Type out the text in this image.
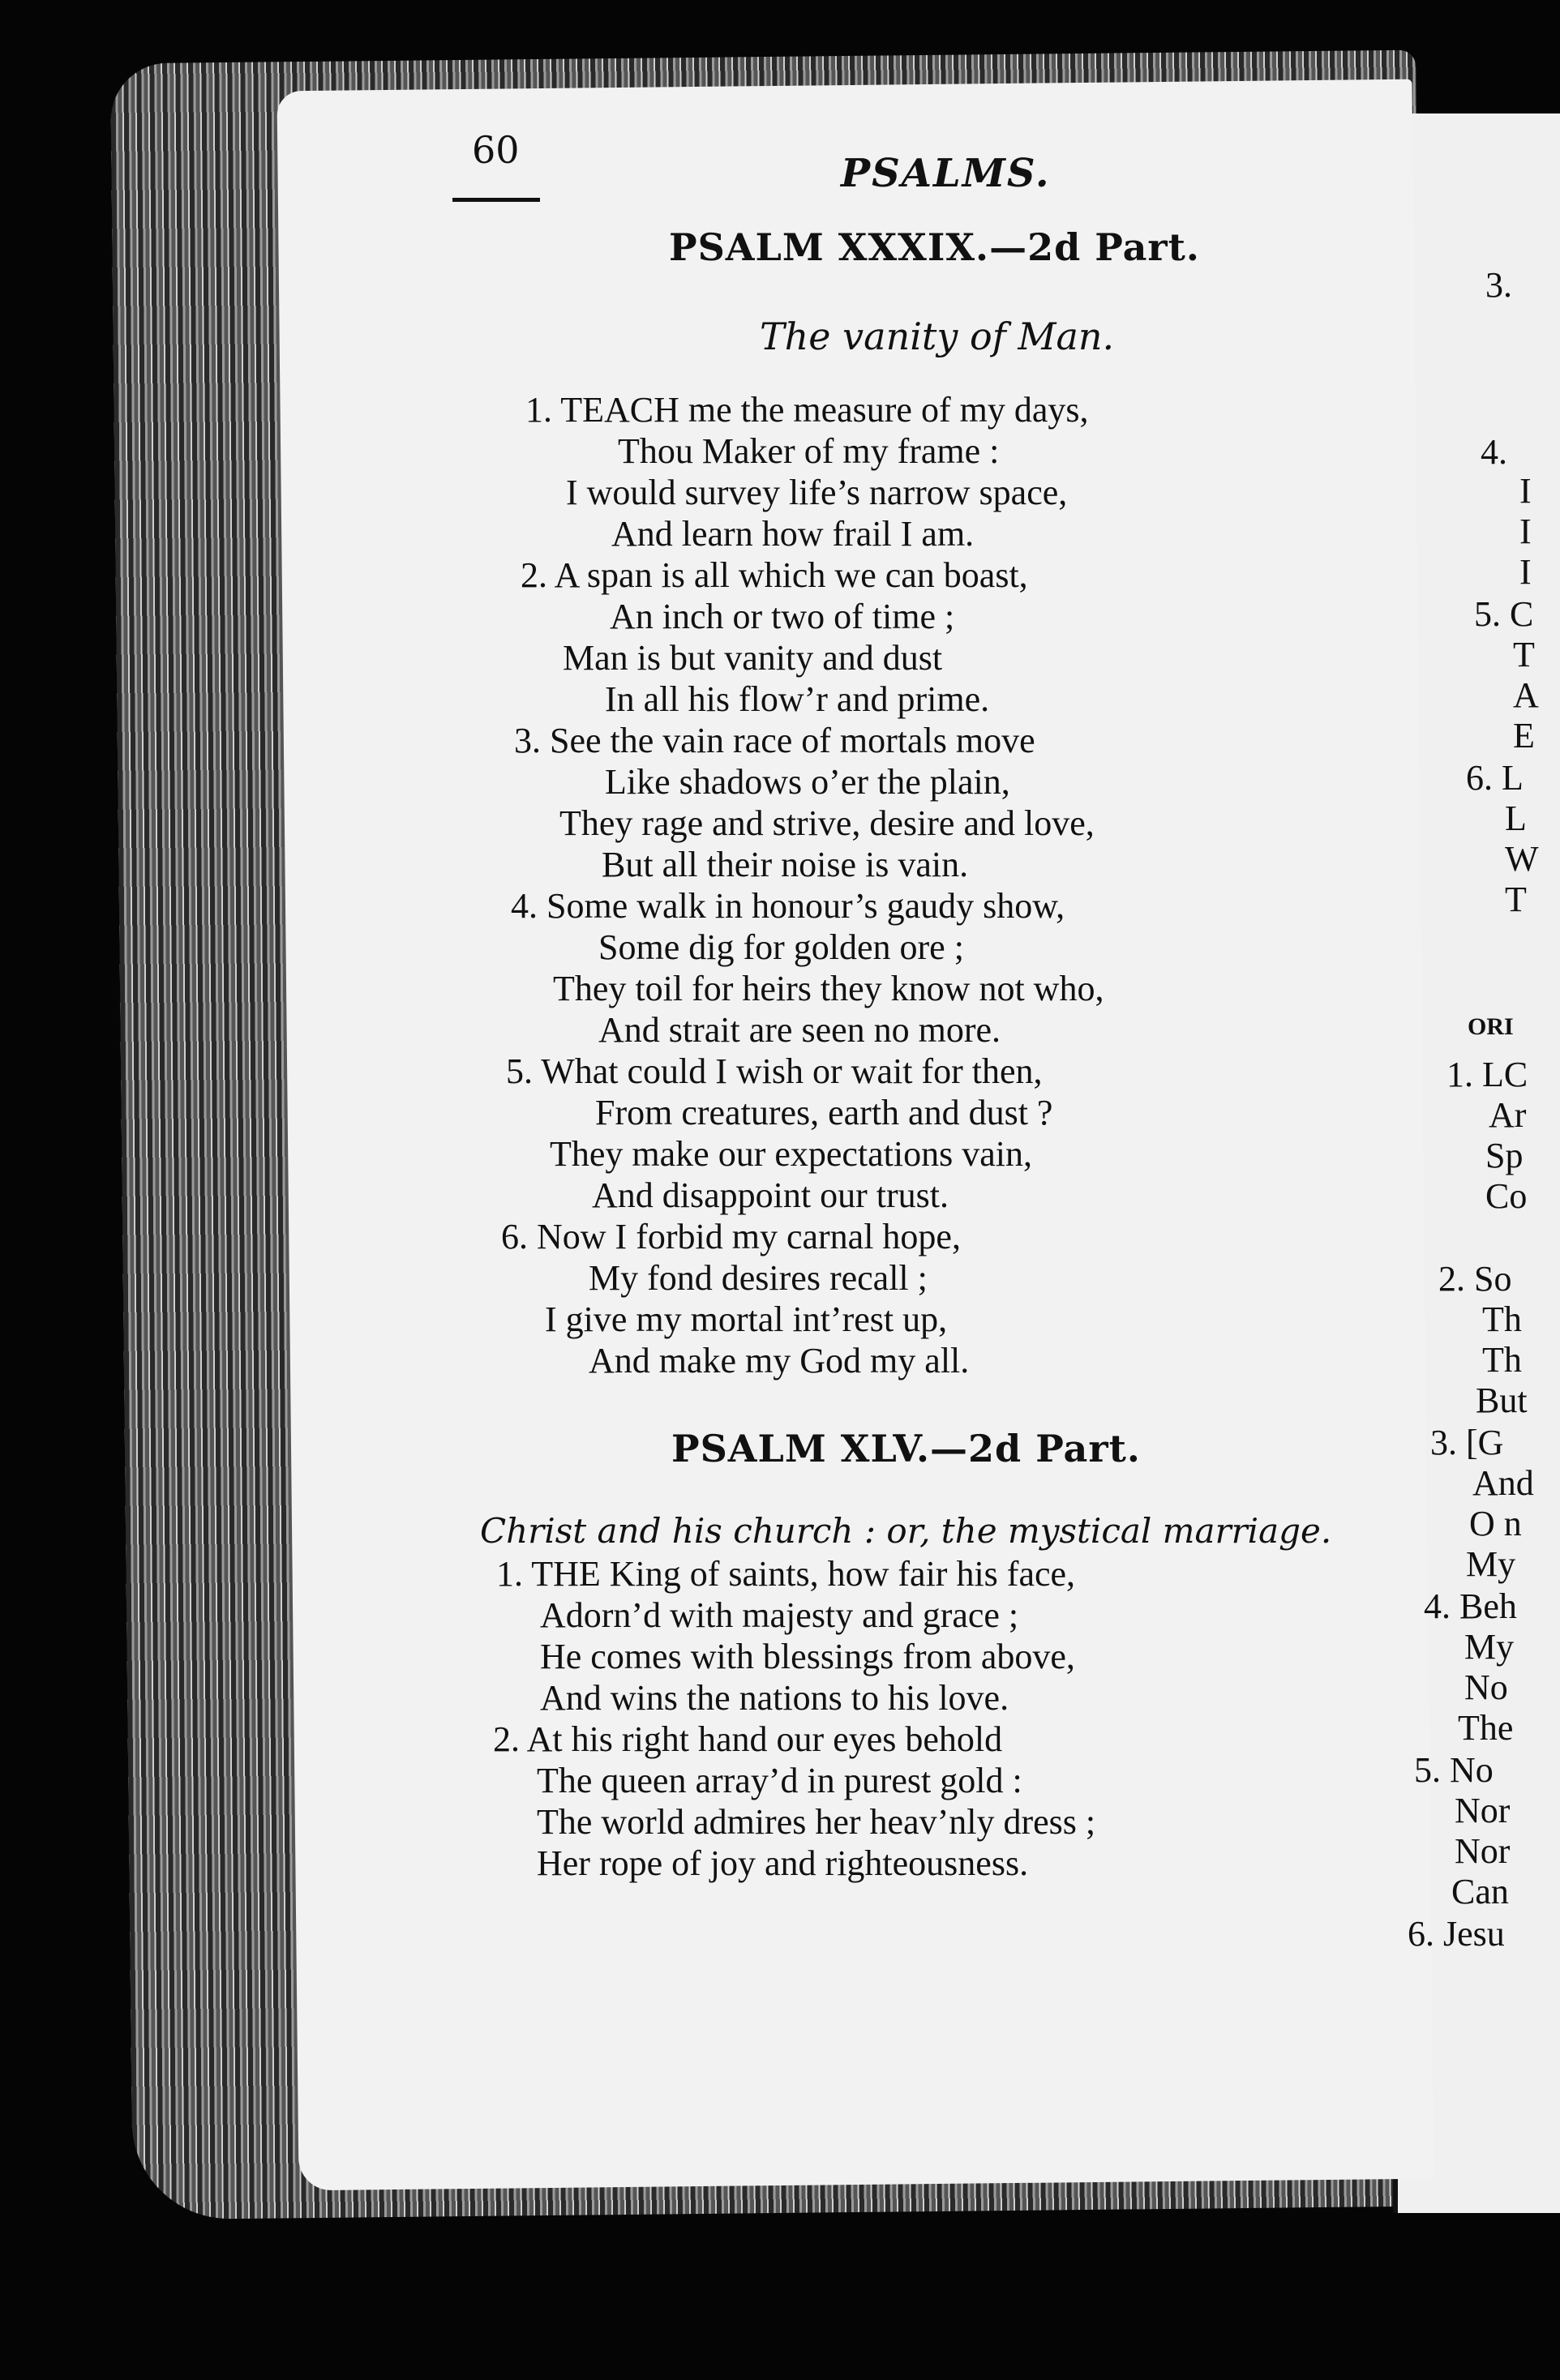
60
PSALMS.
PSALM XXXIX.—2d Part.
The vanity of Man.
1. TEACH me the measure of my days,
Thou Maker of my frame :
I would survey life’s narrow space,
And learn how frail I am.
2. A span is all which we can boast,
An inch or two of time ;
Man is but vanity and dust
In all his flow’r and prime.
3. See the vain race of mortals move
Like shadows o’er the plain,
They rage and strive, desire and love,
But all their noise is vain.
4. Some walk in honour’s gaudy show,
Some dig for golden ore ;
They toil for heirs they know not who,
And strait are seen no more.
5. What could I wish or wait for then,
From creatures, earth and dust ?
They make our expectations vain,
And disappoint our trust.
6. Now I forbid my carnal hope,
My fond desires recall ;
I give my mortal int’rest up,
And make my God my all.
PSALM XLV.—2d Part.
Christ and his church : or, the mystical marriage.
1. THE King of saints, how fair his face,
Adorn’d with majesty and grace ;
He comes with blessings from above,
And wins the nations to his love.
2. At his right hand our eyes behold
The queen array’d in purest gold :
The world admires her heav’nly dress ;
Her rope of joy and righteousness.
3.
4.
I
I
I
5. C
T
A
E
6. L
L
W
T
ORI
1. LC
Ar
Sp
Co
2. So
Th
Th
But
3. [G
And
O n
My
4. Beh
My
No
The
5. No
Nor
Nor
Can
6. Jesu
